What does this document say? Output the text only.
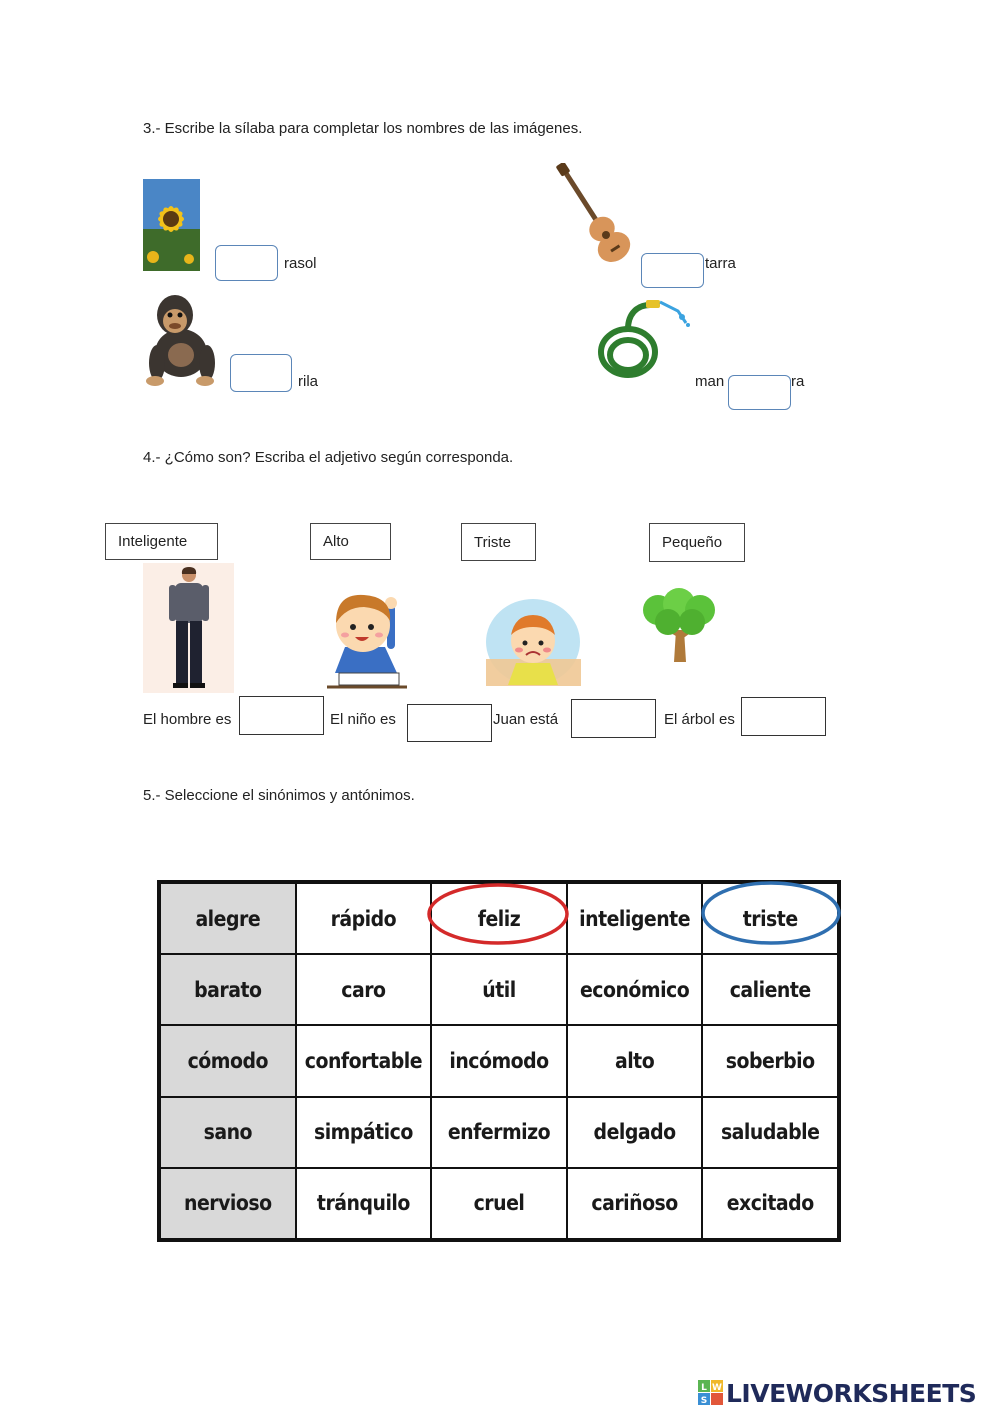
3.- Escribe la sílaba para completar los nombres de las imágenes.
rasol	tarra
rila	man	ra
4.- ¿Cómo son? Escriba el adjetivo según corresponda.
Inteligente	Alto	Triste	Pequeño
El hombre es	El niño es	Juan está	El árbol es
5.- Seleccione el sinónimos y antónimos.
alegre	rápido	feliz	inteligente	triste
barato	caro	útil	económico	caliente
cómodo	confortable	incómodo	alto	soberbio
sano	simpático	enfermizo	delgado	saludable
nervioso	tránquilo	cruel	cariñoso	excitado
L W
S LIVEWORKSHEETS
